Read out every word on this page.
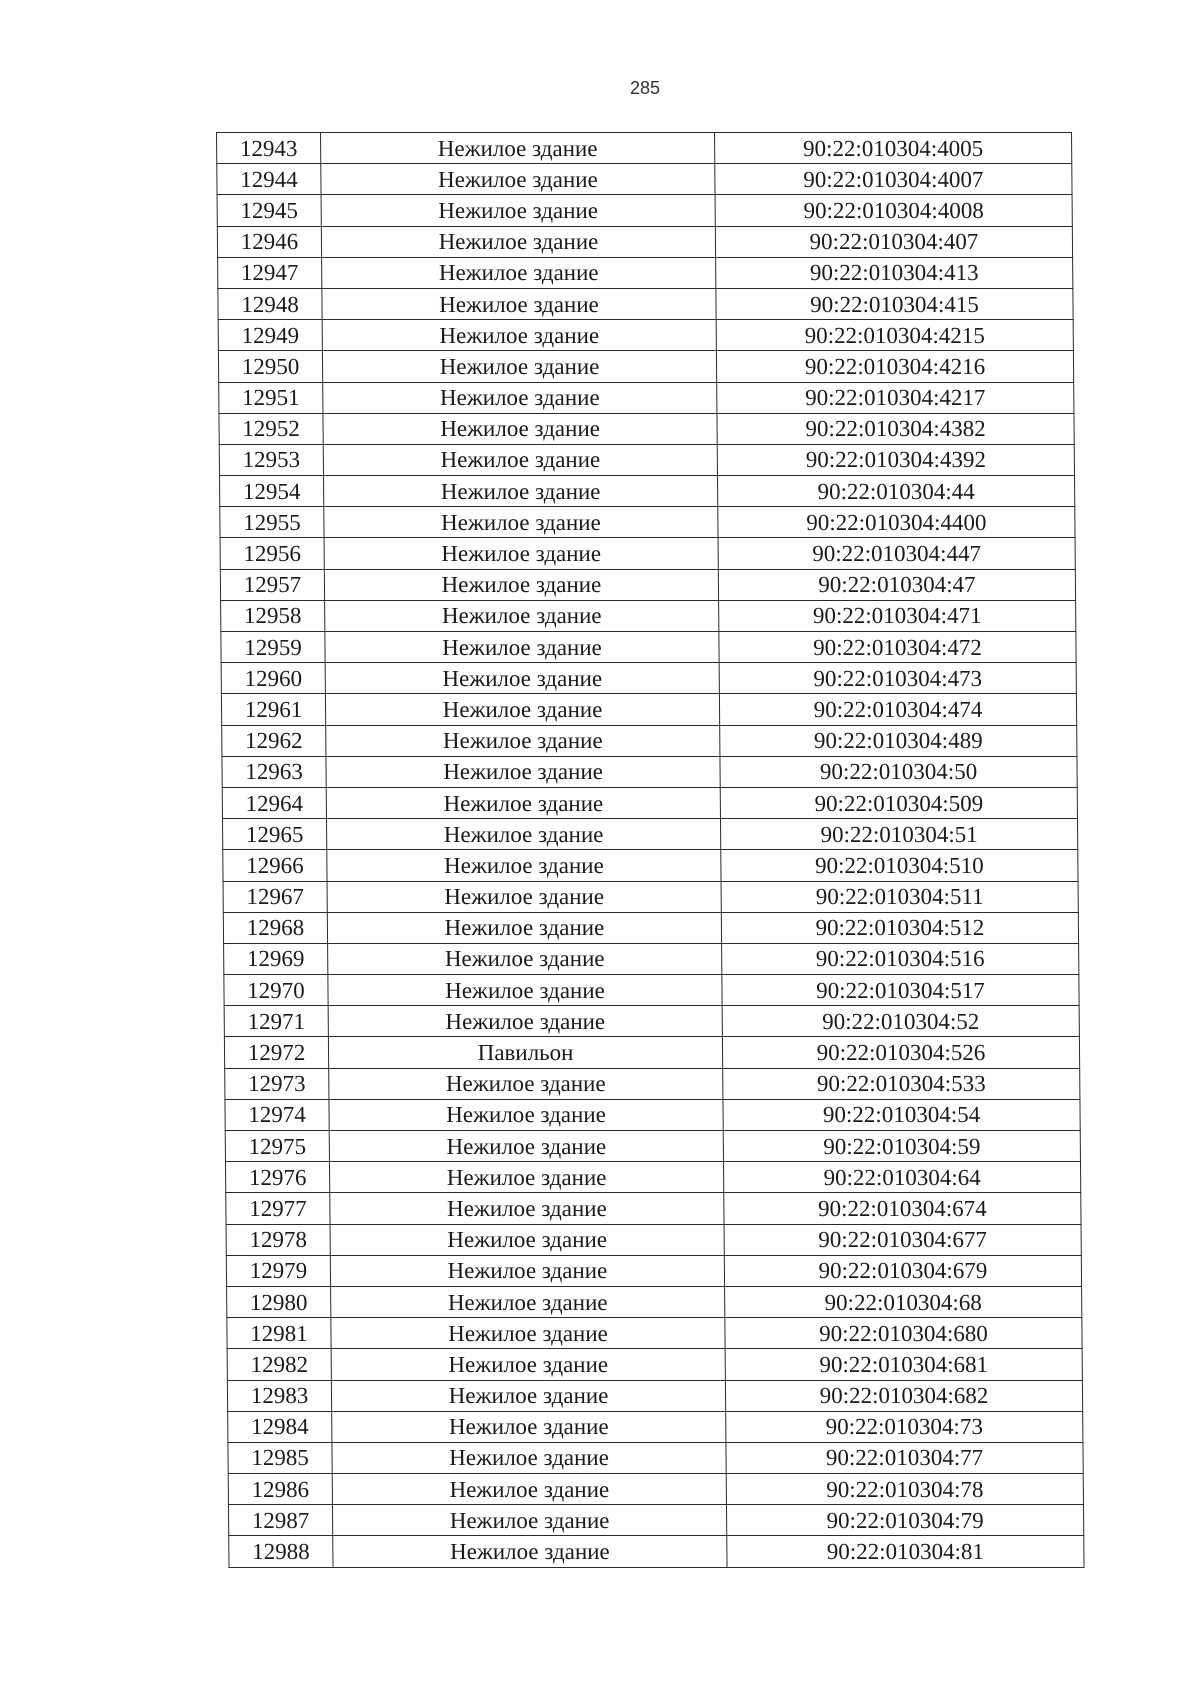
285
12943	Нежилое здание	90:22:010304:4005
12944	Нежилое здание	90:22:010304:4007
12945	Нежилое здание	90:22:010304:4008
12946	Нежилое здание	90:22:010304:407
12947	Нежилое здание	90:22:010304:413
12948	Нежилое здание	90:22:010304:415
12949	Нежилое здание	90:22:010304:4215
12950	Нежилое здание	90:22:010304:4216
12951	Нежилое здание	90:22:010304:4217
12952	Нежилое здание	90:22:010304:4382
12953	Нежилое здание	90:22:010304:4392
12954	Нежилое здание	90:22:010304:44
12955	Нежилое здание	90:22:010304:4400
12956	Нежилое здание	90:22:010304:447
12957	Нежилое здание	90:22:010304:47
12958	Нежилое здание	90:22:010304:471
12959	Нежилое здание	90:22:010304:472
12960	Нежилое здание	90:22:010304:473
12961	Нежилое здание	90:22:010304:474
12962	Нежилое здание	90:22:010304:489
12963	Нежилое здание	90:22:010304:50
12964	Нежилое здание	90:22:010304:509
12965	Нежилое здание	90:22:010304:51
12966	Нежилое здание	90:22:010304:510
12967	Нежилое здание	90:22:010304:511
12968	Нежилое здание	90:22:010304:512
12969	Нежилое здание	90:22:010304:516
12970	Нежилое здание	90:22:010304:517
12971	Нежилое здание	90:22:010304:52
12972	Павильон	90:22:010304:526
12973	Нежилое здание	90:22:010304:533
12974	Нежилое здание	90:22:010304:54
12975	Нежилое здание	90:22:010304:59
12976	Нежилое здание	90:22:010304:64
12977	Нежилое здание	90:22:010304:674
12978	Нежилое здание	90:22:010304:677
12979	Нежилое здание	90:22:010304:679
12980	Нежилое здание	90:22:010304:68
12981	Нежилое здание	90:22:010304:680
12982	Нежилое здание	90:22:010304:681
12983	Нежилое здание	90:22:010304:682
12984	Нежилое здание	90:22:010304:73
12985	Нежилое здание	90:22:010304:77
12986	Нежилое здание	90:22:010304:78
12987	Нежилое здание	90:22:010304:79
12988	Нежилое здание	90:22:010304:81
